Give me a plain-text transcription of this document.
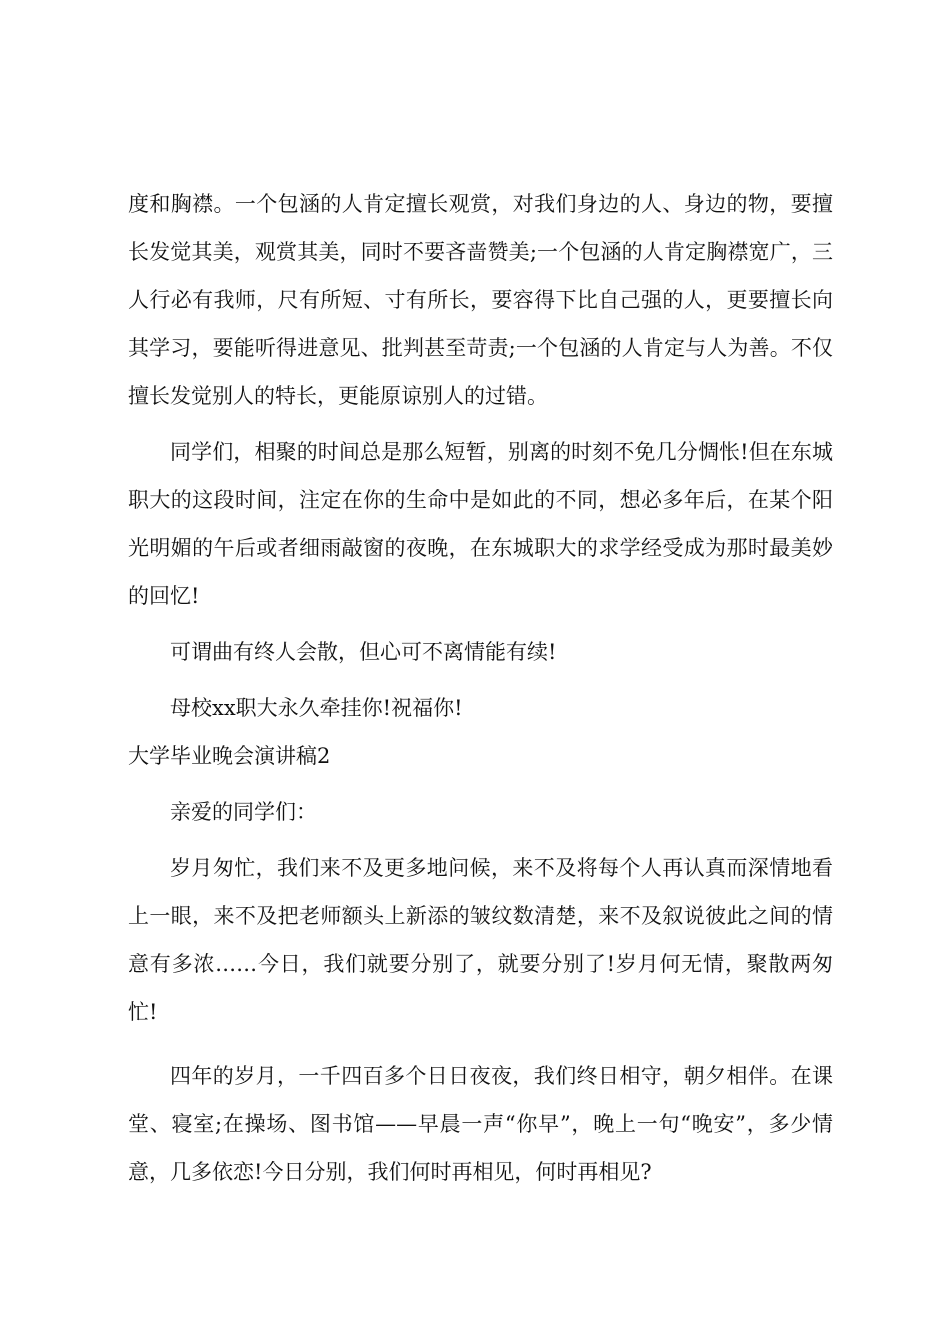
度和胸襟。一个包涵的人肯定擅长观赏，对我们身边的人、身边的物，要擅长发觉其美，观赏其美，同时不要吝啬赞美;一个包涵的人肯定胸襟宽广，三人行必有我师，尺有所短、寸有所长，要容得下比自己强的人，更要擅长向其学习，要能听得进意见、批判甚至苛责;一个包涵的人肯定与人为善。不仅擅长发觉别人的特长，更能原谅别人的过错。

同学们，相聚的时间总是那么短暂，别离的时刻不免几分惆怅!但在东城职大的这段时间，注定在你的生命中是如此的不同，想必多年后，在某个阳光明媚的午后或者细雨敲窗的夜晚，在东城职大的求学经受成为那时最美妙的回忆!

可谓曲有终人会散，但心可不离情能有续!

母校xx职大永久牵挂你!祝福你!

大学毕业晚会演讲稿2

亲爱的同学们：

岁月匆忙，我们来不及更多地问候，来不及将每个人再认真而深情地看上一眼，来不及把老师额头上新添的皱纹数清楚，来不及叙说彼此之间的情意有多浓……今日，我们就要分别了，就要分别了!岁月何无情，聚散两匆忙!

四年的岁月，一千四百多个日日夜夜，我们终日相守，朝夕相伴。在课堂、寝室;在操场、图书馆——早晨一声“你早”，晚上一句“晚安”，多少情意，几多依恋!今日分别，我们何时再相见，何时再相见?
